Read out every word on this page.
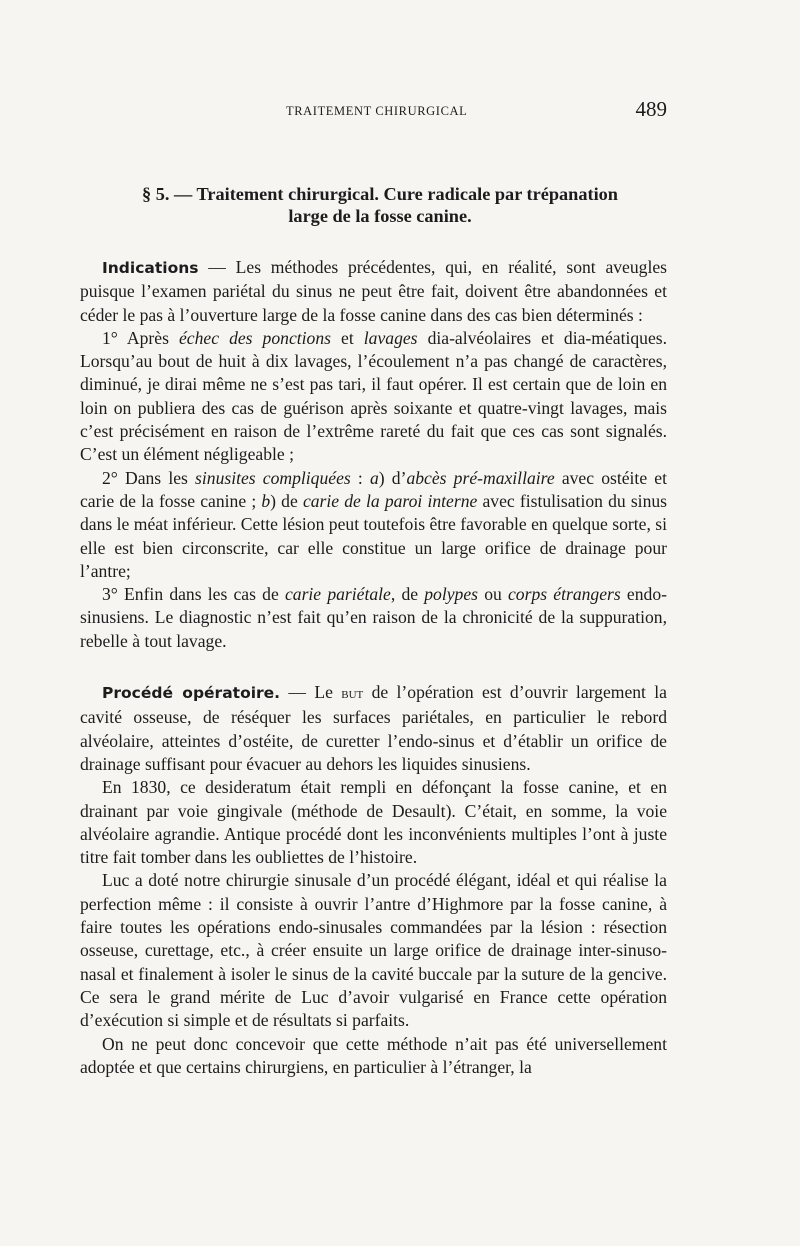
TRAITEMENT CHIRURGICAL	489
§ 5. — Traitement chirurgical. Cure radicale par trépanation
large de la fosse canine.

Indications — Les méthodes précédentes, qui, en réalité, sont aveugles puisque l’examen pariétal du sinus ne peut être fait, doivent être abandonnées et céder le pas à l’ouverture large de la fosse canine dans des cas bien déterminés :

1° Après échec des ponctions et lavages dia-alvéolaires et dia-méatiques. Lorsqu’au bout de huit à dix lavages, l’écoulement n’a pas changé de caractères, diminué, je dirai même ne s’est pas tari, il faut opérer. Il est certain que de loin en loin on publiera des cas de guérison après soixante et quatre-vingt lavages, mais c’est précisément en raison de l’extrême rareté du fait que ces cas sont signalés. C’est un élément négligeable ;

2° Dans les sinusites compliquées : a) d’abcès pré-maxillaire avec ostéite et carie de la fosse canine ; b) de carie de la paroi interne avec fistulisation du sinus dans le méat inférieur. Cette lésion peut toutefois être favorable en quelque sorte, si elle est bien circonscrite, car elle constitue un large orifice de drainage pour l’antre;

3° Enfin dans les cas de carie pariétale, de polypes ou corps étrangers endo-sinusiens. Le diagnostic n’est fait qu’en raison de la chronicité de la suppuration, rebelle à tout lavage.

Procédé opératoire. — Le but de l’opération est d’ouvrir largement la cavité osseuse, de réséquer les surfaces pariétales, en particulier le rebord alvéolaire, atteintes d’ostéite, de curetter l’endo-sinus et d’établir un orifice de drainage suffisant pour évacuer au dehors les liquides sinusiens.

En 1830, ce desideratum était rempli en défonçant la fosse canine, et en drainant par voie gingivale (méthode de Desault). C’était, en somme, la voie alvéolaire agrandie. Antique procédé dont les inconvénients multiples l’ont à juste titre fait tomber dans les oubliettes de l’histoire.

Luc a doté notre chirurgie sinusale d’un procédé élégant, idéal et qui réalise la perfection même : il consiste à ouvrir l’antre d’Highmore par la fosse canine, à faire toutes les opérations endo-sinusales commandées par la lésion : résection osseuse, curettage, etc., à créer ensuite un large orifice de drainage inter-sinuso-nasal et finalement à isoler le sinus de la cavité buccale par la suture de la gencive. Ce sera le grand mérite de Luc d’avoir vulgarisé en France cette opération d’exécution si simple et de résultats si parfaits.

On ne peut donc concevoir que cette méthode n’ait pas été universellement adoptée et que certains chirurgiens, en particulier à l’étranger, la
